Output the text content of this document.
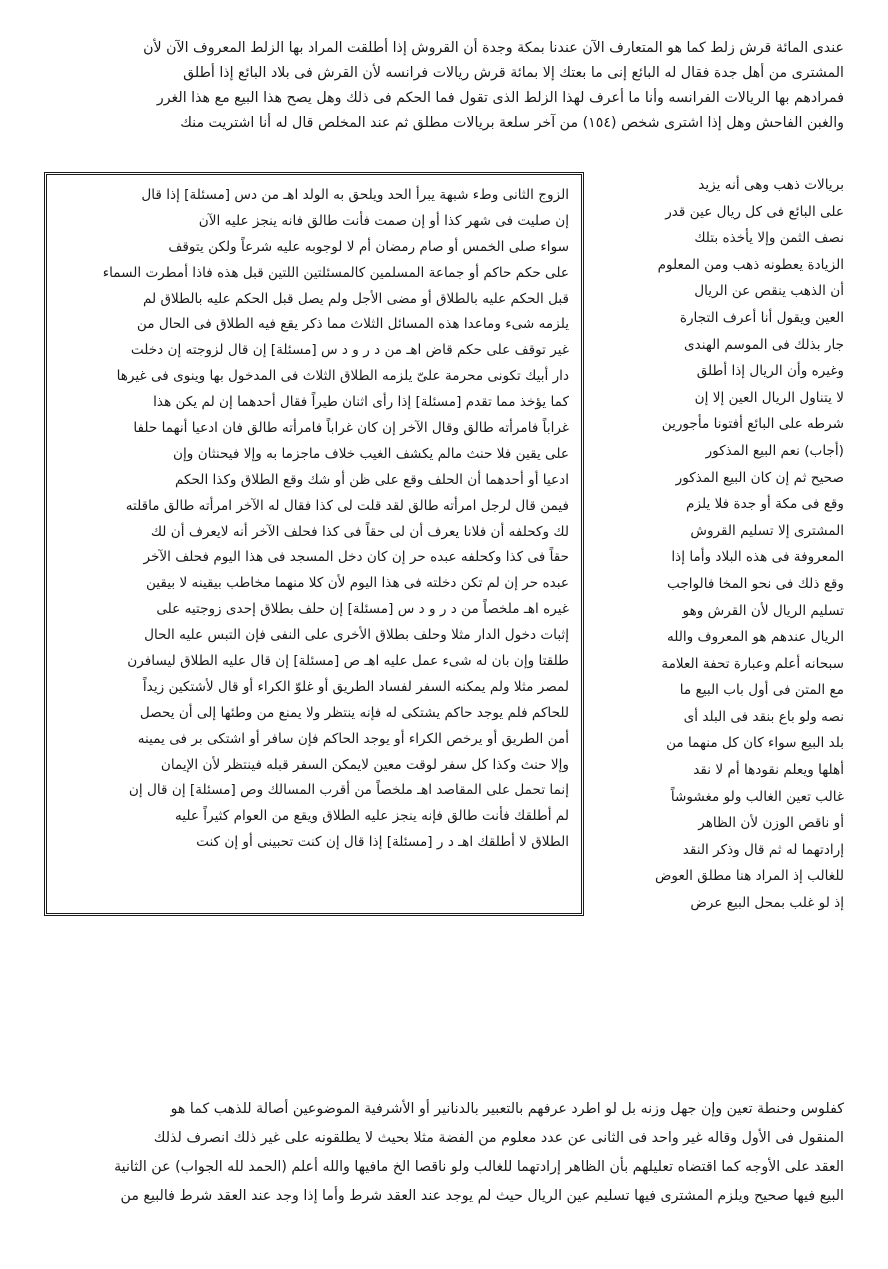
عندى المائة قرش زلط كما هو المتعارف الآن عندنا بمكة وجدة أن القروش إذا أطلقت المراد بها الزلط المعروف الآن لأن
المشترى من أهل جدة فقال له البائع إنى ما بعتك إلا بمائة قرش ريالات فرانسه لأن القرش فى بلاد البائع إذا أطلق
فمرادهم بها الريالات الفرانسه وأنا ما أعرف لهذا الزلط الذى تقول فما الحكم فى ذلك وهل يصح هذا البيع مع هذا الغرر
والغبن الفاحش وهل إذا اشترى شخص (١٥٤) من آخر سلعة بريالات مطلق ثم عند المخلص قال له أنا اشتريت منك
بريالات ذهب وهى أنه يزيد
على البائع فى كل ريال عين قدر
نصف الثمن وإلا يأخذه بتلك
الزيادة يعطونه ذهب ومن المعلوم
أن الذهب ينقص عن الريال
العين ويقول أنا أعرف التجارة
جار بذلك فى الموسم الهندى
وغيره وأن الريال إذا أطلق
لا يتناول الريال العين إلا إن
شرطه على البائع أفتونا مأجورين
(أجاب) نعم البيع المذكور
صحيح ثم إن كان البيع المذكور
وقع فى مكة أو جدة فلا يلزم
المشترى إلا تسليم القروش
المعروفة فى هذه البلاد وأما إذا
وقع ذلك فى نحو المخا فالواجب
تسليم الريال لأن القرش وهو
الريال عندهم هو المعروف والله
سبحانه أعلم وعبارة تحفة العلامة
مع المتن فى أول باب البيع ما
نصه ولو باع بنقد فى البلد أى
بلد البيع سواء كان كل منهما من
أهلها ويعلم نقودها أم لا نقد
غالب تعين الغالب ولو مغشوشاً
أو ناقص الوزن لأن الظاهر
إرادتهما له ثم قال وذكر النقد
للغالب إذ المراد هنا مطلق العوض
إذ لو غلب بمحل البيع عرض
الزوج الثانى وطء شبهة يبرأ الحد ويلحق به الولد اهـ من دس [مسئلة] إذا قال
إن صليت فى شهر كذا أو إن صمت فأنت طالق فانه ينجز عليه الآن
سواء صلى الخمس أو صام رمضان أم لا لوجوبه عليه شرعاً ولكن يتوقف
على حكم حاكم أو جماعة المسلمين كالمسئلتين اللتين قبل هذه فاذا أمطرت السماء
قبل الحكم عليه بالطلاق أو مضى الأجل ولم يصل قبل الحكم عليه بالطلاق لم
يلزمه شىء وماعدا هذه المسائل الثلاث مما ذكر يقع فيه الطلاق فى الحال من
غير توقف على حكم قاض اهـ من د ر و د س [مسئلة] إن قال لزوجته إن دخلت
دار أبيك تكونى محرمة علىّ يلزمه الطلاق الثلاث فى المدخول بها وينوى فى غيرها
كما يؤخذ مما تقدم [مسئلة] إذا رأى اثنان طيراً فقال أحدهما إن لم يكن هذا
غراباً فامرأته طالق وقال الآخر إن كان غراباً فامرأته طالق فان ادعيا أنهما حلفا
على يقين فلا حنث مالم يكشف الغيب خلاف ماجزما به وإلا فيحنثان وإن
ادعيا أو أحدهما أن الحلف وقع على ظن أو شك وقع الطلاق وكذا الحكم
فيمن قال لرجل امرأته طالق لقد قلت لى كذا فقال له الآخر امرأته طالق ماقلته
لك وكحلفه أن فلانا يعرف أن لى حقاً فى كذا فحلف الآخر أنه لايعرف أن لك
حقاً فى كذا وكحلفه عبده حر إن كان دخل المسجد فى هذا اليوم فحلف الآخر
عبده حر إن لم تكن دخلته فى هذا اليوم لأن كلا منهما مخاطب بيقينه لا بيقين
غيره اهـ ملخصاً من د ر و د س [مسئلة] إن حلف بطلاق إحدى زوجتيه على
إثبات دخول الدار مثلا وحلف بطلاق الأخرى على النفى فإن التبس عليه الحال
طلقتا وإن بان له شىء عمل عليه اهـ ص [مسئلة] إن قال عليه الطلاق ليسافرن
لمصر مثلا ولم يمكنه السفر لفساد الطريق أو غلوّ الكراء أو قال لأشتكين زيداً
للحاكم فلم يوجد حاكم يشتكى له فإنه ينتظر ولا يمنع من وطئها إلى أن يحصل
أمن الطريق أو يرخص الكراء أو يوجد الحاكم فإن سافر أو اشتكى بر فى يمينه
وإلا حنث وكذا كل سفر لوقت معين لايمكن السفر قبله فينتظر لأن الإيمان
إنما تحمل على المقاصد اهـ ملخصاً من أقرب المسالك وص [مسئلة] إن قال إن
لم أطلقك فأنت طالق فإنه ينجز عليه الطلاق ويقع من العوام كثيراً عليه
الطلاق لا أطلقك اهـ د ر [مسئلة] إذا قال إن كنت تحبينى أو إن كنت
كفلوس وحنطة تعين وإن جهل وزنه بل لو اطرد عرفهم بالتعبير بالدنانير أو الأشرفية الموضوعين أصالة للذهب كما هو
المنقول فى الأول وقاله غير واحد فى الثانى عن عدد معلوم من الفضة مثلا بحيث لا يطلقونه على غير ذلك انصرف لذلك
العقد على الأوجه كما اقتضاه تعليلهم بأن الظاهر إرادتهما للغالب ولو ناقصا الخ مافيها والله أعلم (الحمد لله الجواب) عن الثانية
البيع فيها صحيح ويلزم المشترى فيها تسليم عين الريال حيث لم يوجد عند العقد شرط وأما إذا وجد عند العقد شرط فالبيع من
